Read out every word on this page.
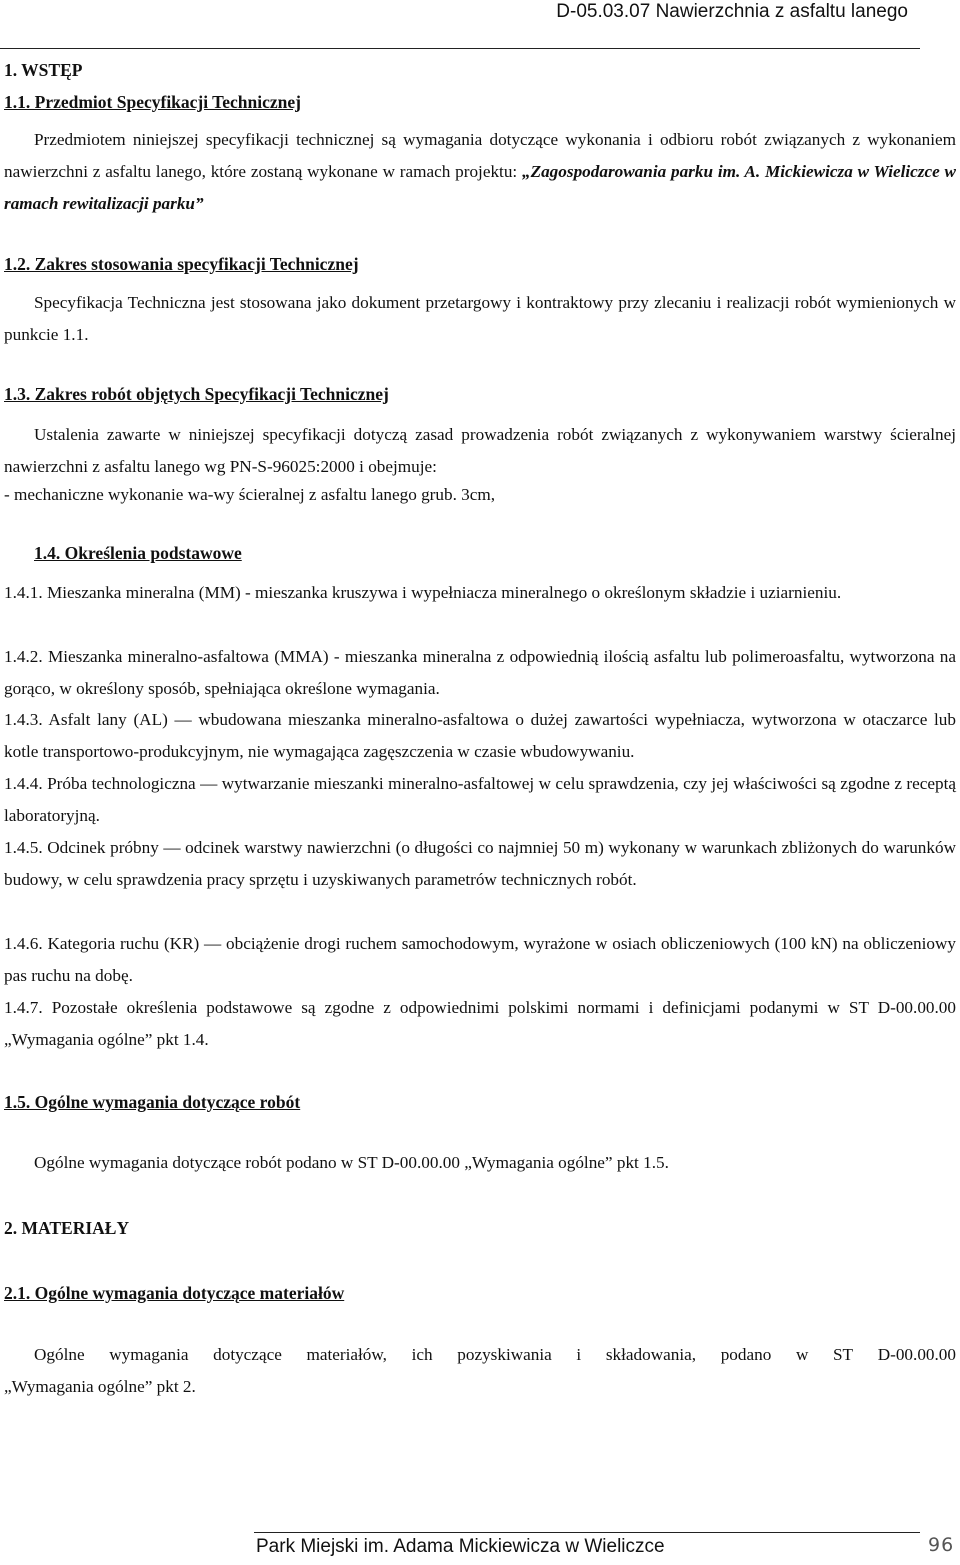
D-05.03.07 Nawierzchnia z asfaltu lanego
1. WSTĘP
1.1. Przedmiot Specyfikacji Technicznej
Przedmiotem niniejszej specyfikacji technicznej są wymagania dotyczące wykonania i odbioru robót związanych z wykonaniem nawierzchni z asfaltu lanego, które zostaną wykonane w ramach projektu: „Zagospodarowania parku im. A. Mickiewicza w Wieliczce w ramach rewitalizacji parku”
1.2. Zakres stosowania specyfikacji Technicznej
Specyfikacja Techniczna jest stosowana jako dokument przetargowy i kontraktowy przy zlecaniu i realizacji robót wymienionych w punkcie 1.1.
1.3. Zakres robót objętych Specyfikacji Technicznej
Ustalenia zawarte w niniejszej specyfikacji dotyczą zasad prowadzenia robót związanych z wykonywaniem warstwy ścieralnej nawierzchni z asfaltu lanego wg PN-S-96025:2000 i obejmuje:
- mechaniczne wykonanie wa-wy ścieralnej z asfaltu lanego grub. 3cm,
1.4. Określenia podstawowe
1.4.1. Mieszanka mineralna (MM) - mieszanka kruszywa i wypełniacza mineralnego o określonym składzie i uziarnieniu.
1.4.2. Mieszanka mineralno-asfaltowa (MMA) - mieszanka mineralna z odpowiednią ilością asfaltu lub polimeroasfaltu, wytworzona na gorąco, w określony sposób, spełniająca określone wymagania.
1.4.3. Asfalt lany (AL) — wbudowana mieszanka mineralno-asfaltowa o dużej zawartości wypełniacza, wytworzona w otaczarce lub kotle transportowo-produkcyjnym, nie wymagająca zagęszczenia w czasie wbudowywaniu.
1.4.4. Próba technologiczna — wytwarzanie mieszanki mineralno-asfaltowej w celu sprawdzenia, czy jej właściwości są zgodne z receptą laboratoryjną.
1.4.5. Odcinek próbny — odcinek warstwy nawierzchni (o długości co najmniej 50 m) wykonany w warunkach zbliżonych do warunków budowy, w celu sprawdzenia pracy sprzętu i uzyskiwanych parametrów technicznych robót.
1.4.6. Kategoria ruchu (KR) — obciążenie drogi ruchem samochodowym, wyrażone w osiach obliczeniowych (100 kN) na obliczeniowy pas ruchu na dobę.
1.4.7. Pozostałe określenia podstawowe są zgodne z odpowiednimi polskimi normami i definicjami podanymi w ST D-00.00.00 „Wymagania ogólne” pkt 1.4.
1.5. Ogólne wymagania dotyczące robót
Ogólne wymagania dotyczące robót podano w ST D-00.00.00 „Wymagania ogólne” pkt 1.5.
2. MATERIAŁY
2.1. Ogólne wymagania dotyczące materiałów
Ogólne wymagania dotyczące materiałów, ich pozyskiwania i składowania, podano w ST D-00.00.00
„Wymagania ogólne” pkt 2.
Park Miejski im. Adama Mickiewicza w Wieliczce	96
